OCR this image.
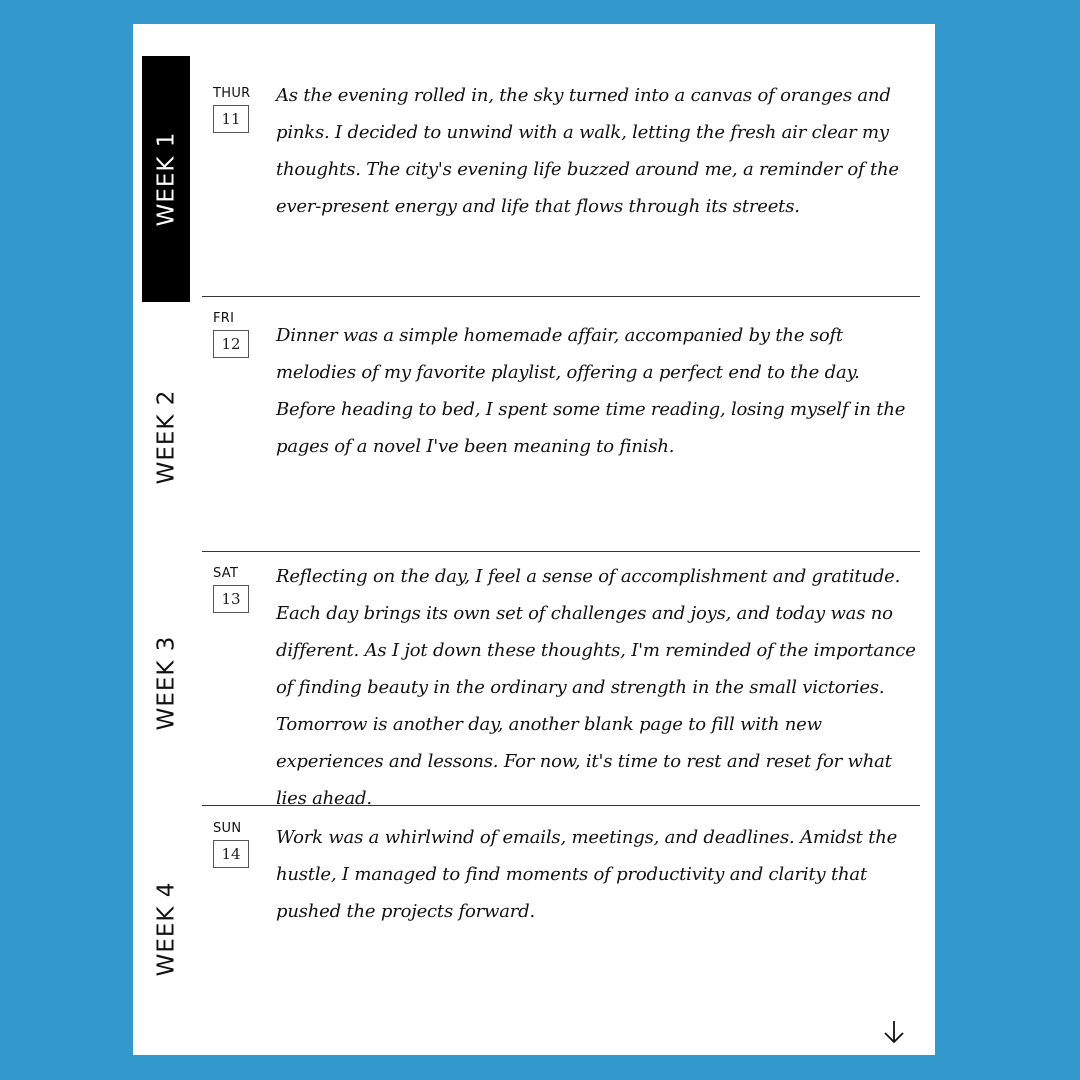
WEEK 1
WEEK 2
WEEK 3
WEEK 4
THUR
11

As the evening rolled in, the sky turned into a canvas of oranges and pinks. I decided to unwind with a walk, letting the fresh air clear my thoughts. The city's evening life buzzed around me, a reminder of the ever-present energy and life that flows through its streets.

FRI
12	Dinner was a simple homemade affair, accompanied by the soft melodies of my favorite playlist, offering a perfect end to the day. Before heading to bed, I spent some time reading, losing myself in the pages of a novel I've been meaning to finish.

SAT
13

Reflecting on the day, I feel a sense of accomplishment and gratitude. Each day brings its own set of challenges and joys, and today was no different. As I jot down these thoughts, I'm reminded of the importance of finding beauty in the ordinary and strength in the small victories. Tomorrow is another day, another blank page to fill with new experiences and lessons. For now, it's time to rest and reset for what lies ahead.

SUN
14

Work was a whirlwind of emails, meetings, and deadlines. Amidst the hustle, I managed to find moments of productivity and clarity that pushed the projects forward.
